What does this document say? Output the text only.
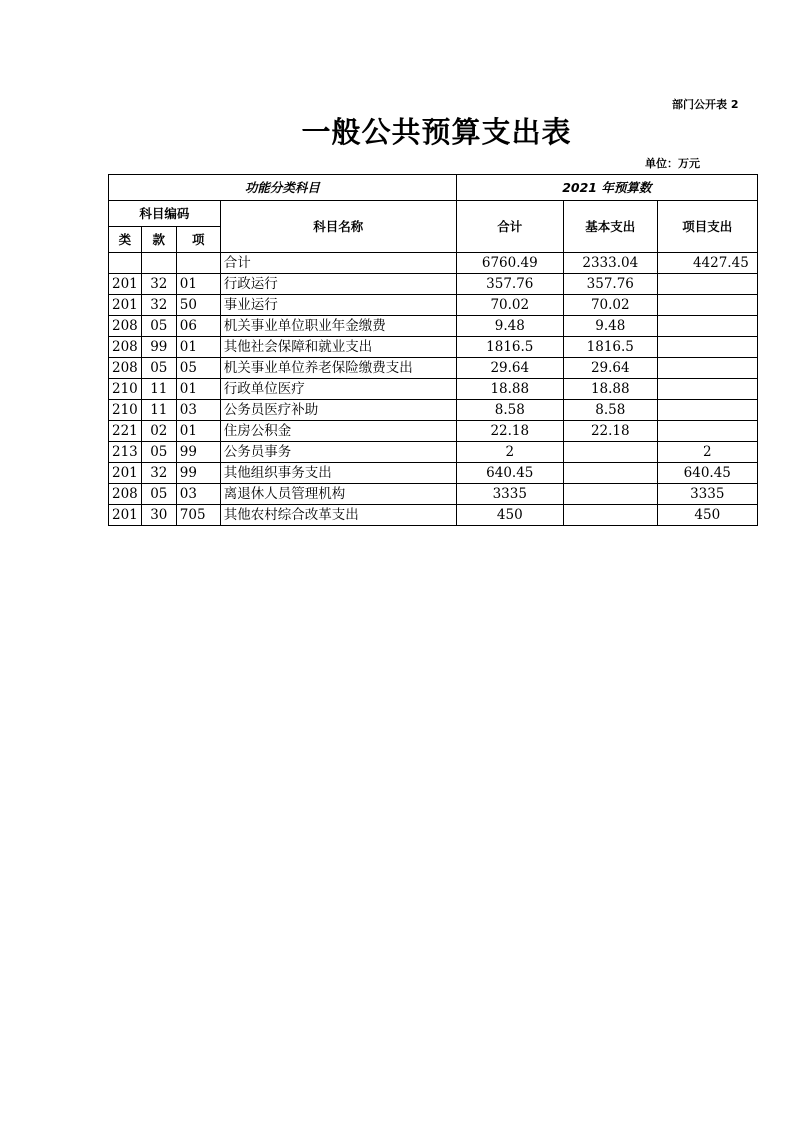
部门公开表 2
一般公共预算支出表
单位：万元
功能分类科目				2021 年预算数		
科目编码			科目名称	合计	基本支出	项目支出
类	款	项				
			合计	6760.49	2333.04	4427.45
201	32	01	行政运行	357.76	357.76	
201	32	50	事业运行	70.02	70.02	
208	05	06	机关事业单位职业年金缴费	9.48	9.48	
208	99	01	其他社会保障和就业支出	1816.5	1816.5	
208	05	05	机关事业单位养老保险缴费支出	29.64	29.64	
210	11	01	行政单位医疗	18.88	18.88	
210	11	03	公务员医疗补助	8.58	8.58	
221	02	01	住房公积金	22.18	22.18	
213	05	99	公务员事务	2		2
201	32	99	其他组织事务支出	640.45		640.45
208	05	03	离退休人员管理机构	3335		3335
201	30	705	其他农村综合改革支出	450		450
